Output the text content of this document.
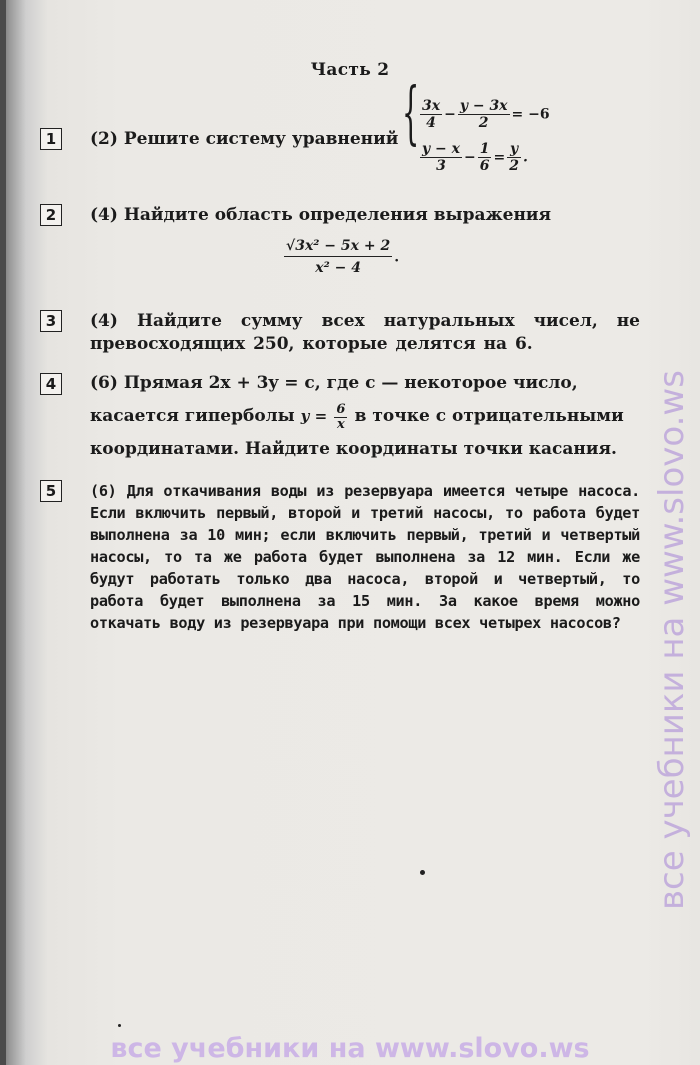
Часть 2
1	(2) Решите систему уравнений { $\frac{3x}{4} - \frac{y - 3x}{2} = -6$
$\frac{y - x}{3} - \frac{1}{6} = \frac{y}{2}$ .
2	(4) Найдите область определения выражения
$\frac{\text{√3x² − 5x + 2}}{\text{x² − 4}}$ .
3	(4) Найдите сумму всех натуральных чисел, не превосходящих 250, которые делятся на 6.
4	(6) Прямая 2x + 3y = c, где c — некоторое число,
касается гиперболы $y = \frac{6}{x}$ в точке с отрицательными
координатами. Найдите координаты точки касания.
5	(6) Для откачивания воды из резервуара имеется четыре насоса. Если включить первый, второй и третий насосы, то работа будет выполнена за 10 мин; если включить первый, третий и четвертый насосы, то та же работа будет выполнена за 12 мин. Если же будут работать только два насоса, второй и четвертый, то работа будет выполнена за 15 мин. За какое время можно откачать воду из резервуара при помощи всех четырех насосов? все учебники на www.slovo.ws
все учебники на www.slovo.ws
